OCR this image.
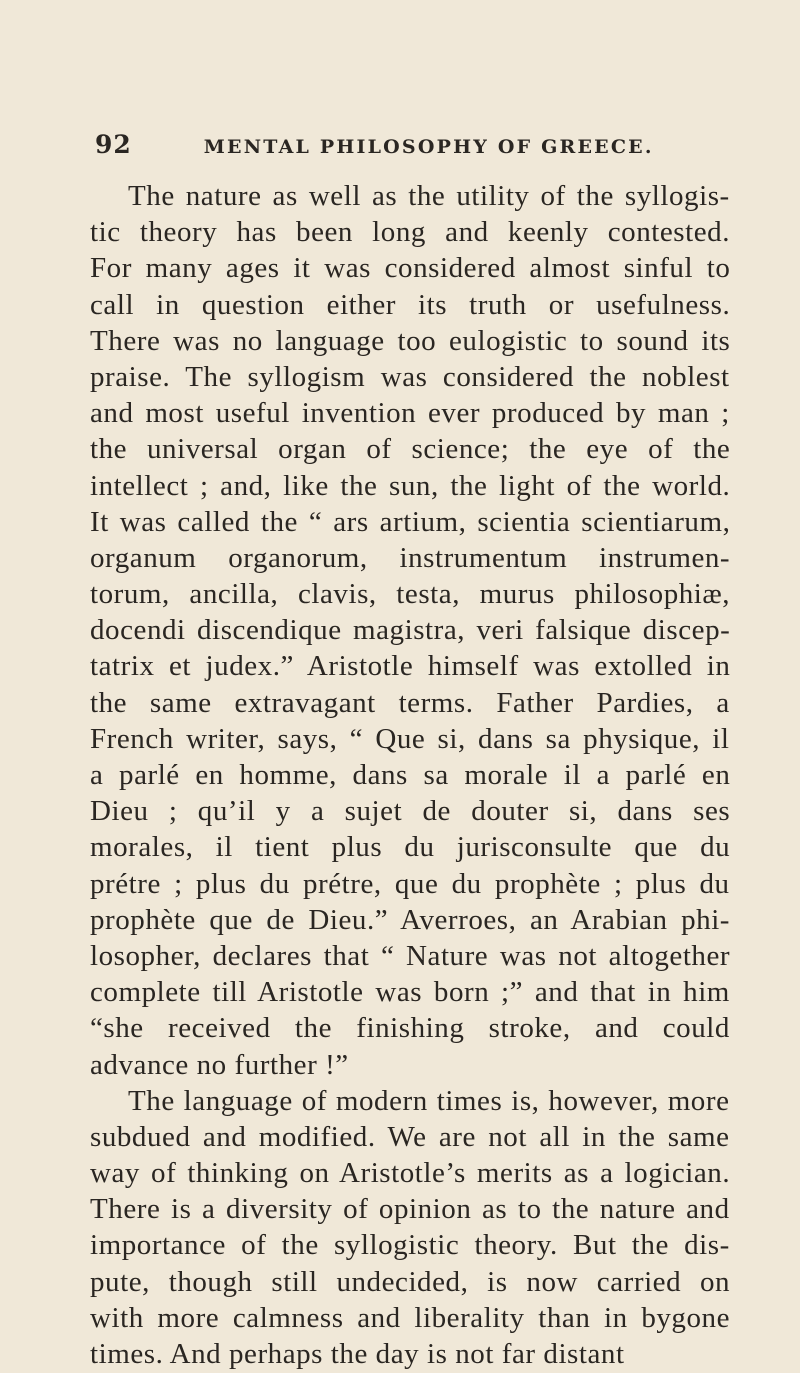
92	MENTAL PHILOSOPHY OF GREECE.
The nature as well as the utility of the syllogis-
tic theory has been long and keenly contested.
For many ages it was considered almost sinful to
call in question either its truth or usefulness.
There was no language too eulogistic to sound its
praise. The syllogism was considered the noblest
and most useful invention ever produced by man ;
the universal organ of science; the eye of the
intellect ; and, like the sun, the light of the world.
It was called the “ ars artium, scientia scientiarum,
organum organorum, instrumentum instrumen-
torum, ancilla, clavis, testa, murus philosophiæ,
docendi discendique magistra, veri falsique discep-
tatrix et judex.” Aristotle himself was extolled in
the same extravagant terms. Father Pardies, a
French writer, says, “ Que si, dans sa physique, il
a parlé en homme, dans sa morale il a parlé en
Dieu ; qu’il y a sujet de douter si, dans ses
morales, il tient plus du jurisconsulte que du
prétre ; plus du prétre, que du prophète ; plus du
prophète que de Dieu.” Averroes, an Arabian phi-
losopher, declares that “ Nature was not altogether
complete till Aristotle was born ;” and that in him
“she received the finishing stroke, and could
advance no further !”
The language of modern times is, however, more
subdued and modified. We are not all in the same
way of thinking on Aristotle’s merits as a logician.
There is a diversity of opinion as to the nature and
importance of the syllogistic theory. But the dis-
pute, though still undecided, is now carried on
with more calmness and liberality than in bygone
times. And perhaps the day is not far distant
